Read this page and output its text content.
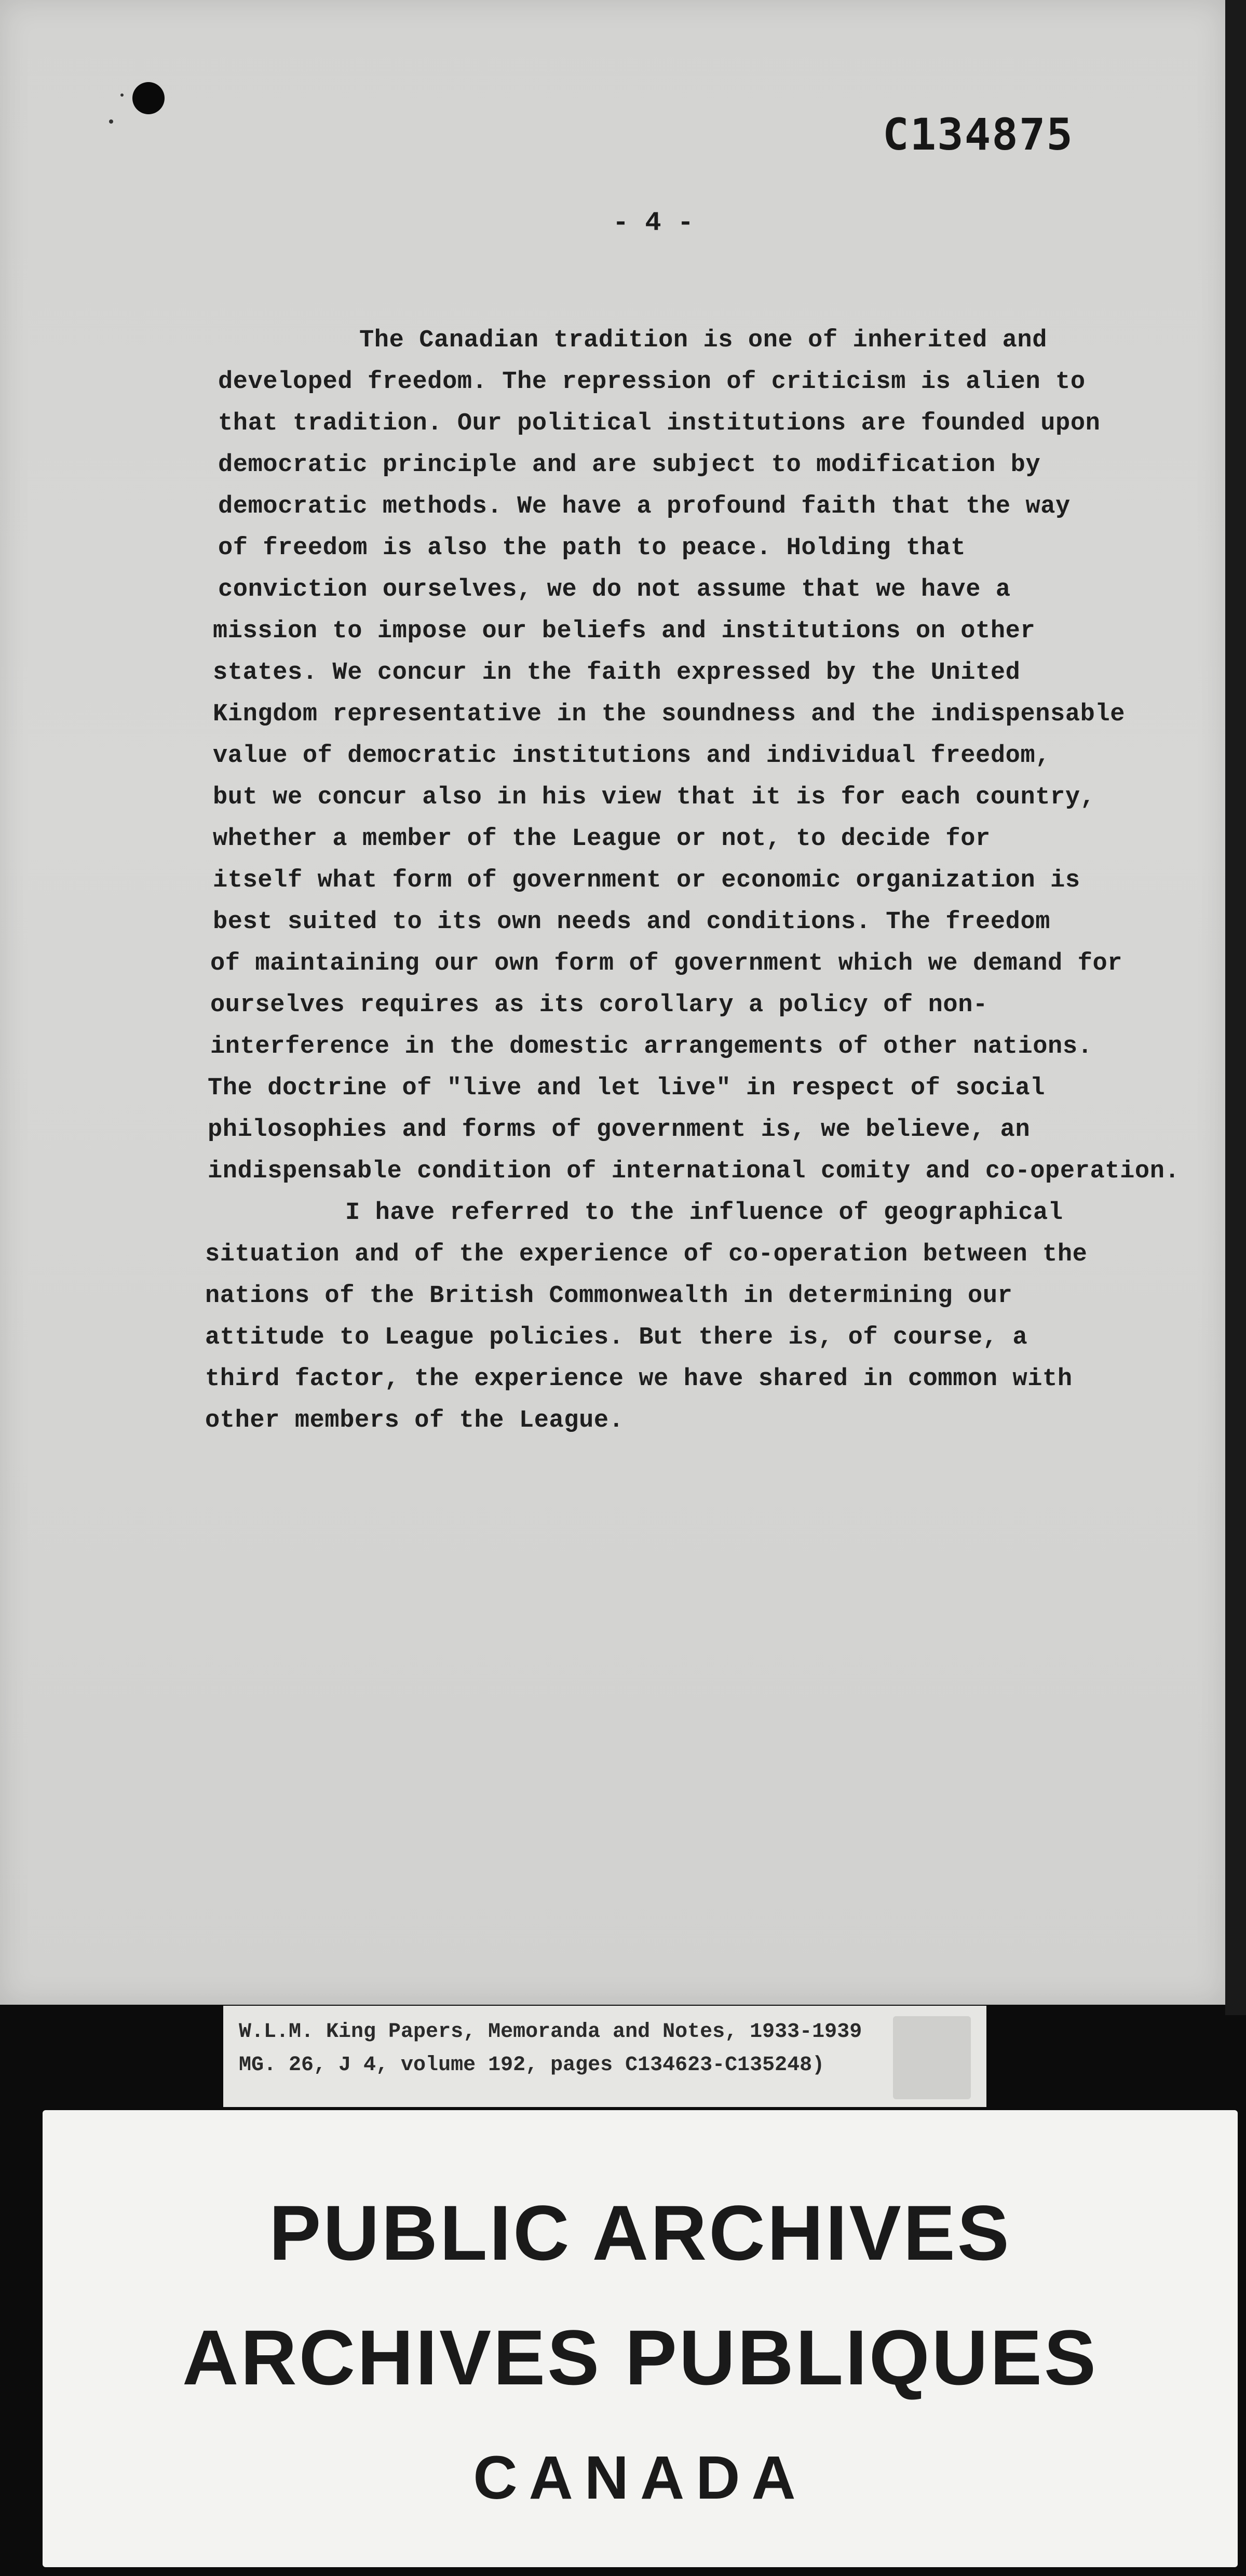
C134875
- 4 -
The Canadian tradition is one of inherited and
developed freedom. The repression of criticism is alien to
that tradition. Our political institutions are founded upon
democratic principle and are subject to modification by
democratic methods. We have a profound faith that the way
of freedom is also the path to peace. Holding that
conviction ourselves, we do not assume that we have a
mission to impose our beliefs and institutions on other
states. We concur in the faith expressed by the United
Kingdom representative in the soundness and the indispensable
value of democratic institutions and individual freedom,
but we concur also in his view that it is for each country,
whether a member of the League or not, to decide for
itself what form of government or economic organization is
best suited to its own needs and conditions. The freedom
of maintaining our own form of government which we demand for
ourselves requires as its corollary a policy of non-
interference in the domestic arrangements of other nations.
The doctrine of "live and let live" in respect of social
philosophies and forms of government is, we believe, an
indispensable condition of international comity and co-operation.
I have referred to the influence of geographical
situation and of the experience of co-operation between the
nations of the British Commonwealth in determining our
attitude to League policies. But there is, of course, a
third factor, the experience we have shared in common with
other members of the League.
W.L.M. King Papers, Memoranda and Notes, 1933-1939
MG. 26, J 4, volume 192, pages C134623-C135248)
PUBLIC ARCHIVES
ARCHIVES PUBLIQUES
CANADA
